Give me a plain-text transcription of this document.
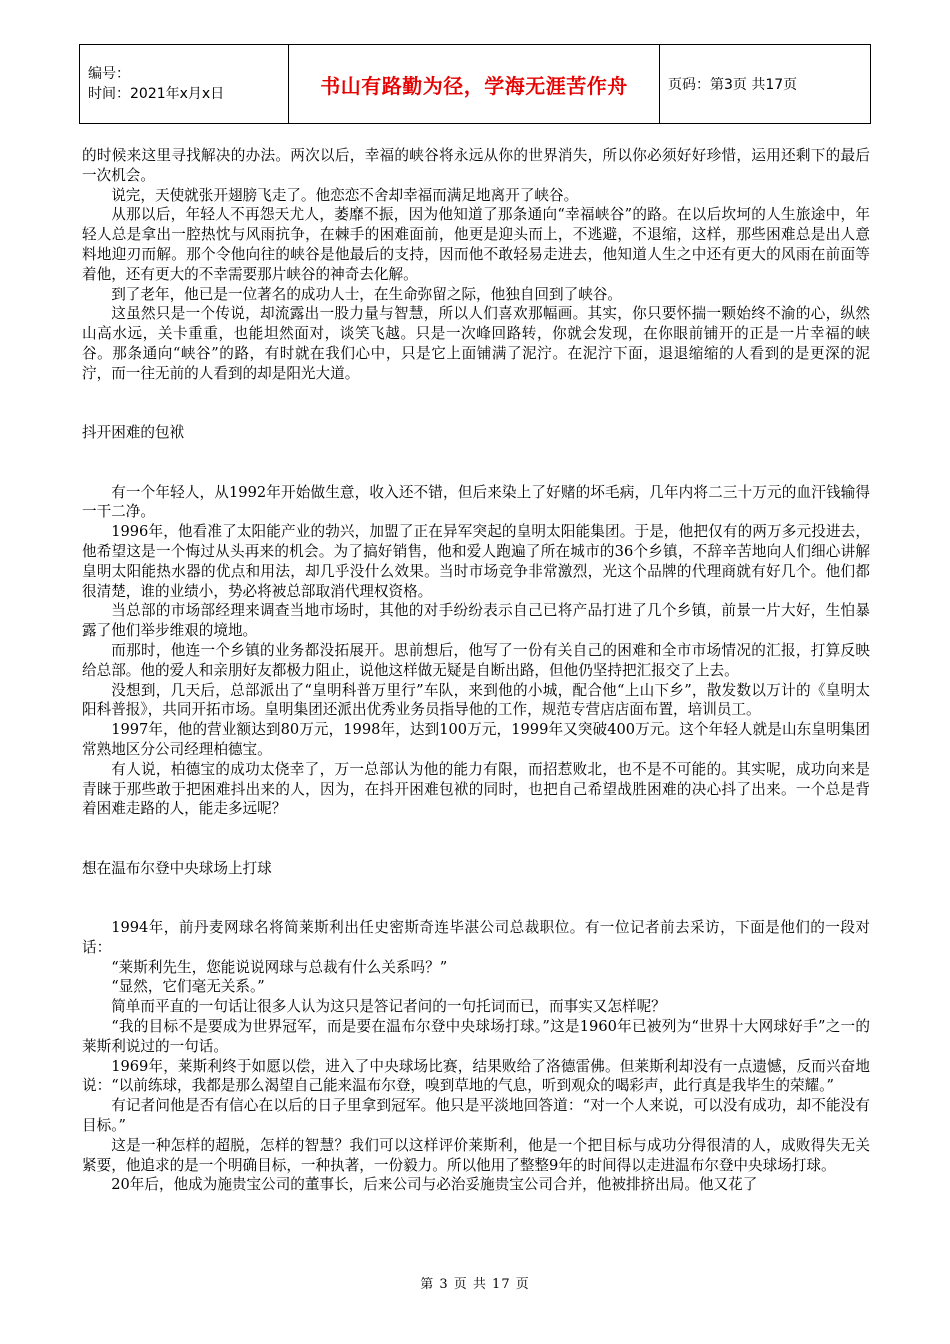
编号：
时间：2021年x月x日	书山有路勤为径，学海无涯苦作舟	页码：第3页 共17页

的时候来这里寻找解决的办法。两次以后，幸福的峡谷将永远从你的世界消失，所以你必须好好珍惜，运用还剩下的最后一次机会。

说完，天使就张开翅膀飞走了。他恋恋不舍却幸福而满足地离开了峡谷。

从那以后，年轻人不再怨天尤人，萎靡不振，因为他知道了那条通向“幸福峡谷”的路。在以后坎坷的人生旅途中，年轻人总是拿出一腔热忱与风雨抗争，在棘手的困难面前，他更是迎头而上，不逃避，不退缩，这样，那些困难总是出人意料地迎刃而解。那个令他向往的峡谷是他最后的支持，因而他不敢轻易走进去，他知道人生之中还有更大的风雨在前面等着他，还有更大的不幸需要那片峡谷的神奇去化解。

到了老年，他已是一位著名的成功人士，在生命弥留之际，他独自回到了峡谷。

这虽然只是一个传说，却流露出一股力量与智慧，所以人们喜欢那幅画。其实，你只要怀揣一颗始终不渝的心，纵然山高水远，关卡重重，也能坦然面对，谈笑飞越。只是一次峰回路转，你就会发现，在你眼前铺开的正是一片幸福的峡谷。那条通向“峡谷”的路，有时就在我们心中，只是它上面铺满了泥泞。在泥泞下面，退退缩缩的人看到的是更深的泥泞，而一往无前的人看到的却是阳光大道。

抖开困难的包袱

有一个年轻人，从1992年开始做生意，收入还不错，但后来染上了好赌的坏毛病，几年内将二三十万元的血汗钱输得一干二净。

1996年，他看准了太阳能产业的勃兴，加盟了正在异军突起的皇明太阳能集团。于是，他把仅有的两万多元投进去，他希望这是一个悔过从头再来的机会。为了搞好销售，他和爱人跑遍了所在城市的36个乡镇，不辞辛苦地向人们细心讲解皇明太阳能热水器的优点和用法，却几乎没什么效果。当时市场竞争非常激烈，光这个品牌的代理商就有好几个。他们都很清楚，谁的业绩小，势必将被总部取消代理权资格。

当总部的市场部经理来调查当地市场时，其他的对手纷纷表示自己已将产品打进了几个乡镇，前景一片大好，生怕暴露了他们举步维艰的境地。

而那时，他连一个乡镇的业务都没拓展开。思前想后，他写了一份有关自己的困难和全市市场情况的汇报，打算反映给总部。他的爱人和亲朋好友都极力阻止，说他这样做无疑是自断出路，但他仍坚持把汇报交了上去。

没想到，几天后，总部派出了“皇明科普万里行”车队，来到他的小城，配合他“上山下乡”，散发数以万计的《皇明太阳科普报》，共同开拓市场。皇明集团还派出优秀业务员指导他的工作，规范专营店店面布置，培训员工。

1997年，他的营业额达到80万元，1998年，达到100万元，1999年又突破400万元。这个年轻人就是山东皇明集团常熟地区分公司经理柏德宝。

有人说，柏德宝的成功太侥幸了，万一总部认为他的能力有限，而招惹败北，也不是不可能的。其实呢，成功向来是青睐于那些敢于把困难抖出来的人，因为，在抖开困难包袱的同时，也把自己希望战胜困难的决心抖了出来。一个总是背着困难走路的人，能走多远呢？

想在温布尔登中央球场上打球

1994年，前丹麦网球名将简莱斯利出任史密斯奇连毕湛公司总裁职位。有一位记者前去采访，下面是他们的一段对话：

“莱斯利先生，您能说说网球与总裁有什么关系吗？”

“显然，它们毫无关系。”

简单而平直的一句话让很多人认为这只是答记者问的一句托词而已，而事实又怎样呢？

“我的目标不是要成为世界冠军，而是要在温布尔登中央球场打球。”这是1960年已被列为“世界十大网球好手”之一的莱斯利说过的一句话。

1969年，莱斯利终于如愿以偿，进入了中央球场比赛，结果败给了洛德雷佛。但莱斯利却没有一点遗憾，反而兴奋地说：“以前练球，我都是那么渴望自己能来温布尔登，嗅到草地的气息，听到观众的喝彩声，此行真是我毕生的荣耀。”

有记者问他是否有信心在以后的日子里拿到冠军。他只是平淡地回答道：“对一个人来说，可以没有成功，却不能没有目标。”

这是一种怎样的超脱，怎样的智慧？我们可以这样评价莱斯利，他是一个把目标与成功分得很清的人，成败得失无关紧要，他追求的是一个明确目标，一种执著，一份毅力。所以他用了整整9年的时间得以走进温布尔登中央球场打球。

20年后，他成为施贵宝公司的董事长，后来公司与必治妥施贵宝公司合并，他被排挤出局。他又花了

第 3 页 共 17 页
